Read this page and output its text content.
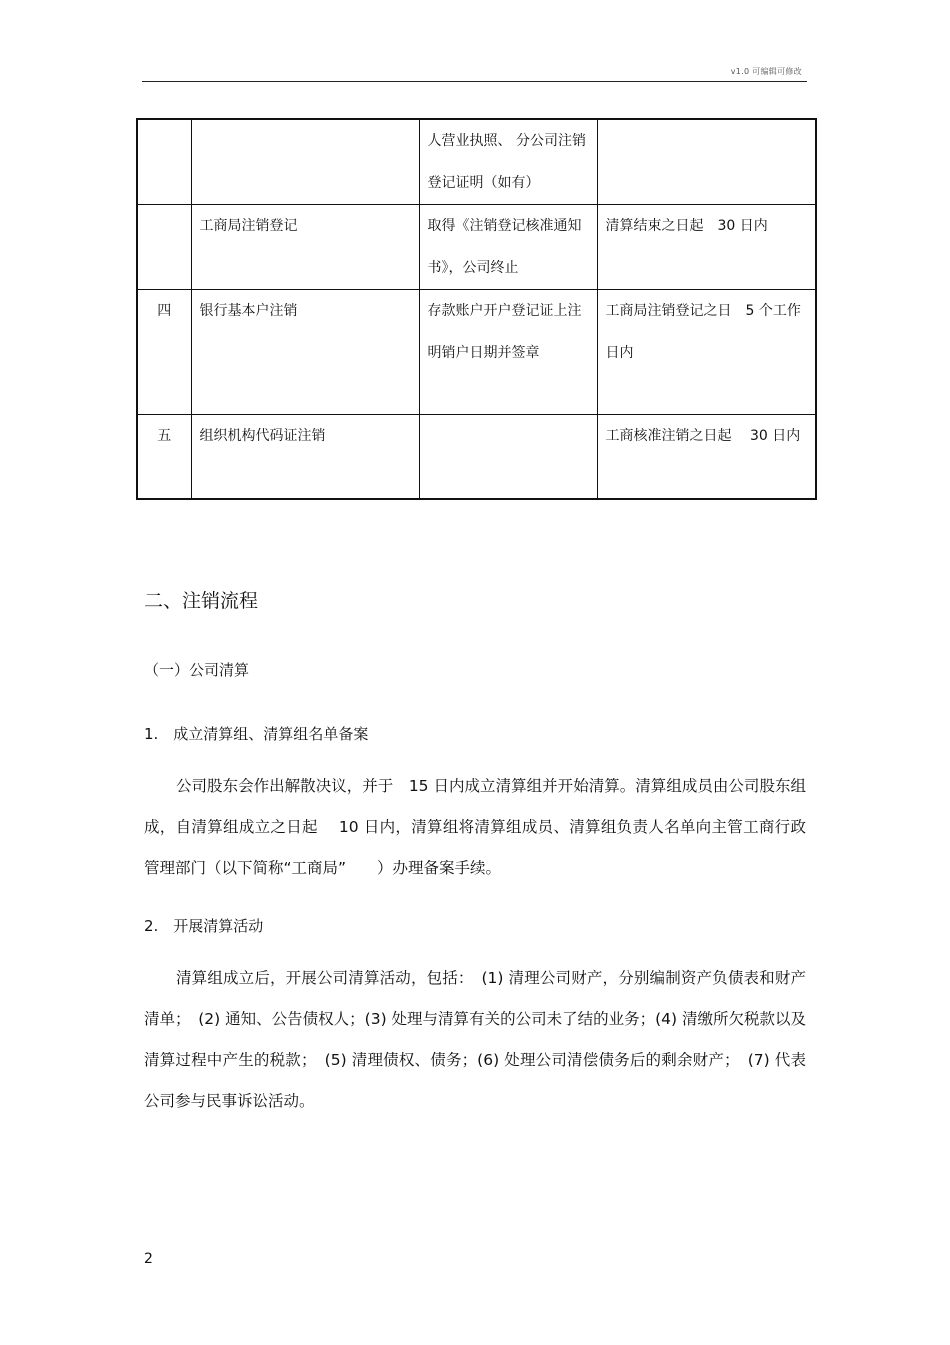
v1.0 可编辑可修改

		人营业执照、 分公司注销登记证明（如有）	

	工商局注销登记	取得《注销登记核准通知书》，公司终止	清算结束之日起　30 日内

四	银行基本户注销	存款账户开户登记证上注明销户日期并签章	工商局注销登记之日　5 个工作日内

五	组织机构代码证注销		工商核准注销之日起　 30 日内
二、注销流程
（一）公司清算
1.　成立清算组、清算组名单备案
公司股东会作出解散决议，并于　15 日内成立清算组并开始清算。清算组成员由公司股东组成，自清算组成立之日起　 10 日内，清算组将清算组成员、清算组负责人名单向主管工商行政管理部门（以下简称“工商局”　　）办理备案手续。
2.　开展清算活动
清算组成立后，开展公司清算活动，包括：　(1) 清理公司财产，分别编制资产负债表和财产清单；　(2) 通知、公告债权人；(3) 处理与清算有关的公司未了结的业务；(4) 清缴所欠税款以及清算过程中产生的税款；　(5) 清理债权、债务；(6) 处理公司清偿债务后的剩余财产；　(7) 代表公司参与民事诉讼活动。
2
